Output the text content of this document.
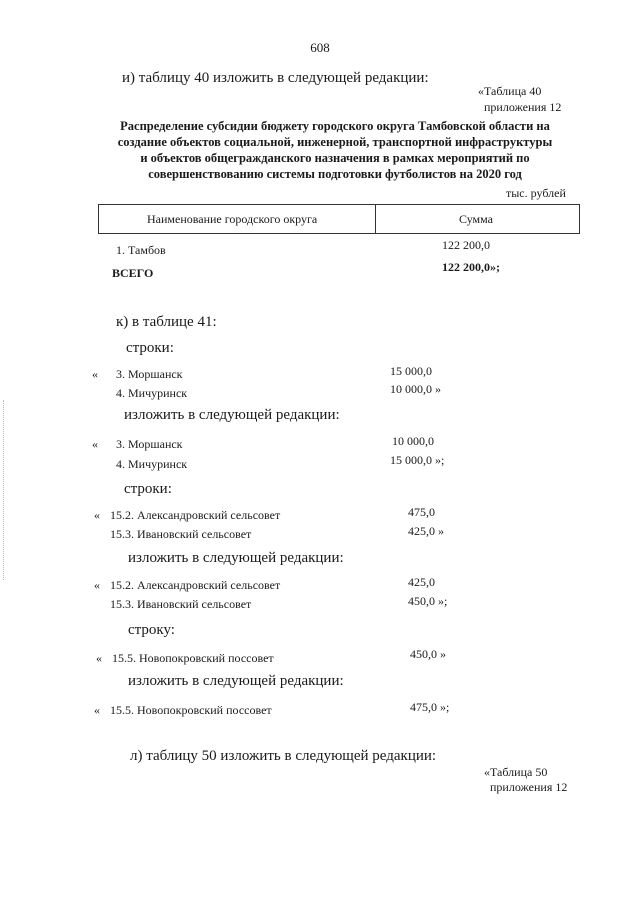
608
и) таблицу 40 изложить в следующей редакции:
«Таблица 40
приложения 12
Распределение субсидии бюджету городского округа Тамбовской области на
создание объектов социальной, инженерной, транспортной инфраструктуры
и объектов общегражданского назначения в рамках мероприятий по
совершенствованию системы подготовки футболистов на 2020 год
тыс. рублей
Наименование городского округа	Сумма
1. Тамбов	122 200,0
ВСЕГО	122 200,0»;
к) в таблице 41:
строки:
« 3. Моршанск	15 000,0
4. Мичуринск	10 000,0 »
изложить в следующей редакции:
« 3. Моршанск	10 000,0
4. Мичуринск	15 000,0 »;
строки:
« 15.2. Александровский сельсовет	475,0
15.3. Ивановский сельсовет	425,0 »
изложить в следующей редакции:
« 15.2. Александровский сельсовет	425,0
15.3. Ивановский сельсовет	450,0 »;
строку:
« 15.5. Новопокровский поссовет	450,0 »
изложить в следующей редакции:
« 15.5. Новопокровский поссовет	475,0 »;
л) таблицу 50 изложить в следующей редакции:
«Таблица 50
приложения 12
